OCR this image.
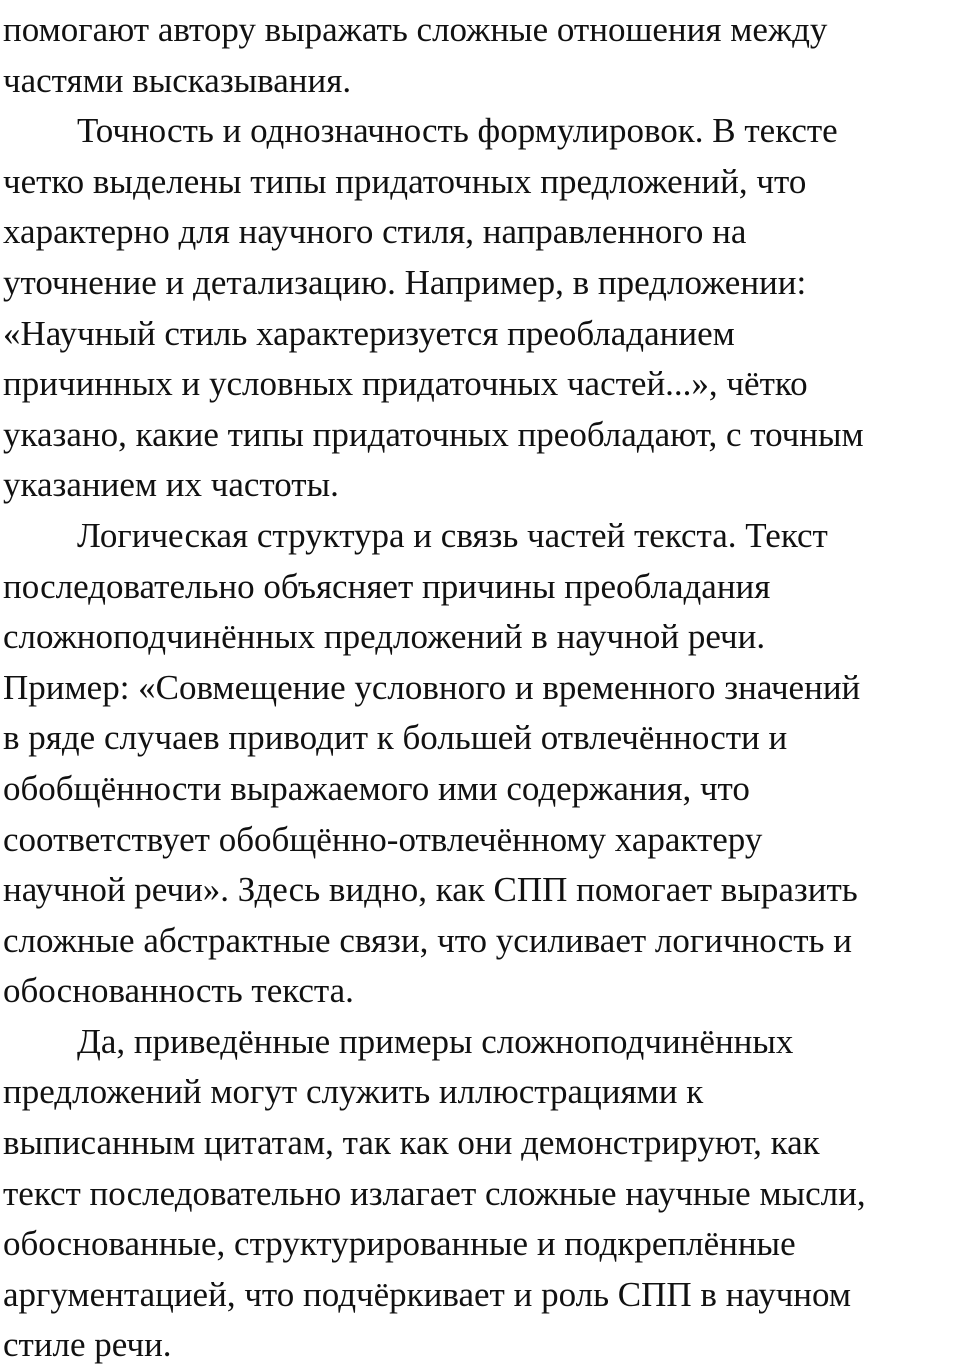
помогают автору выражать сложные отношения между
частями высказывания.
Точность и однозначность формулировок. В тексте
четко выделены типы придаточных предложений, что
характерно для научного стиля, направленного на
уточнение и детализацию. Например, в предложении:
«Научный стиль характеризуется преобладанием
причинных и условных придаточных частей...», чётко
указано, какие типы придаточных преобладают, с точным
указанием их частоты.
Логическая структура и связь частей текста. Текст
последовательно объясняет причины преобладания
сложноподчинённых предложений в научной речи.
Пример: «Совмещение условного и временного значений
в ряде случаев приводит к большей отвлечённости и
обобщённости выражаемого ими содержания, что
соответствует обобщённо-отвлечённому характеру
научной речи». Здесь видно, как СПП помогает выразить
сложные абстрактные связи, что усиливает логичность и
обоснованность текста.
Да, приведённые примеры сложноподчинённых
предложений могут служить иллюстрациями к
выписанным цитатам, так как они демонстрируют, как
текст последовательно излагает сложные научные мысли,
обоснованные, структурированные и подкреплённые
аргументацией, что подчёркивает и роль СПП в научном
стиле речи.
